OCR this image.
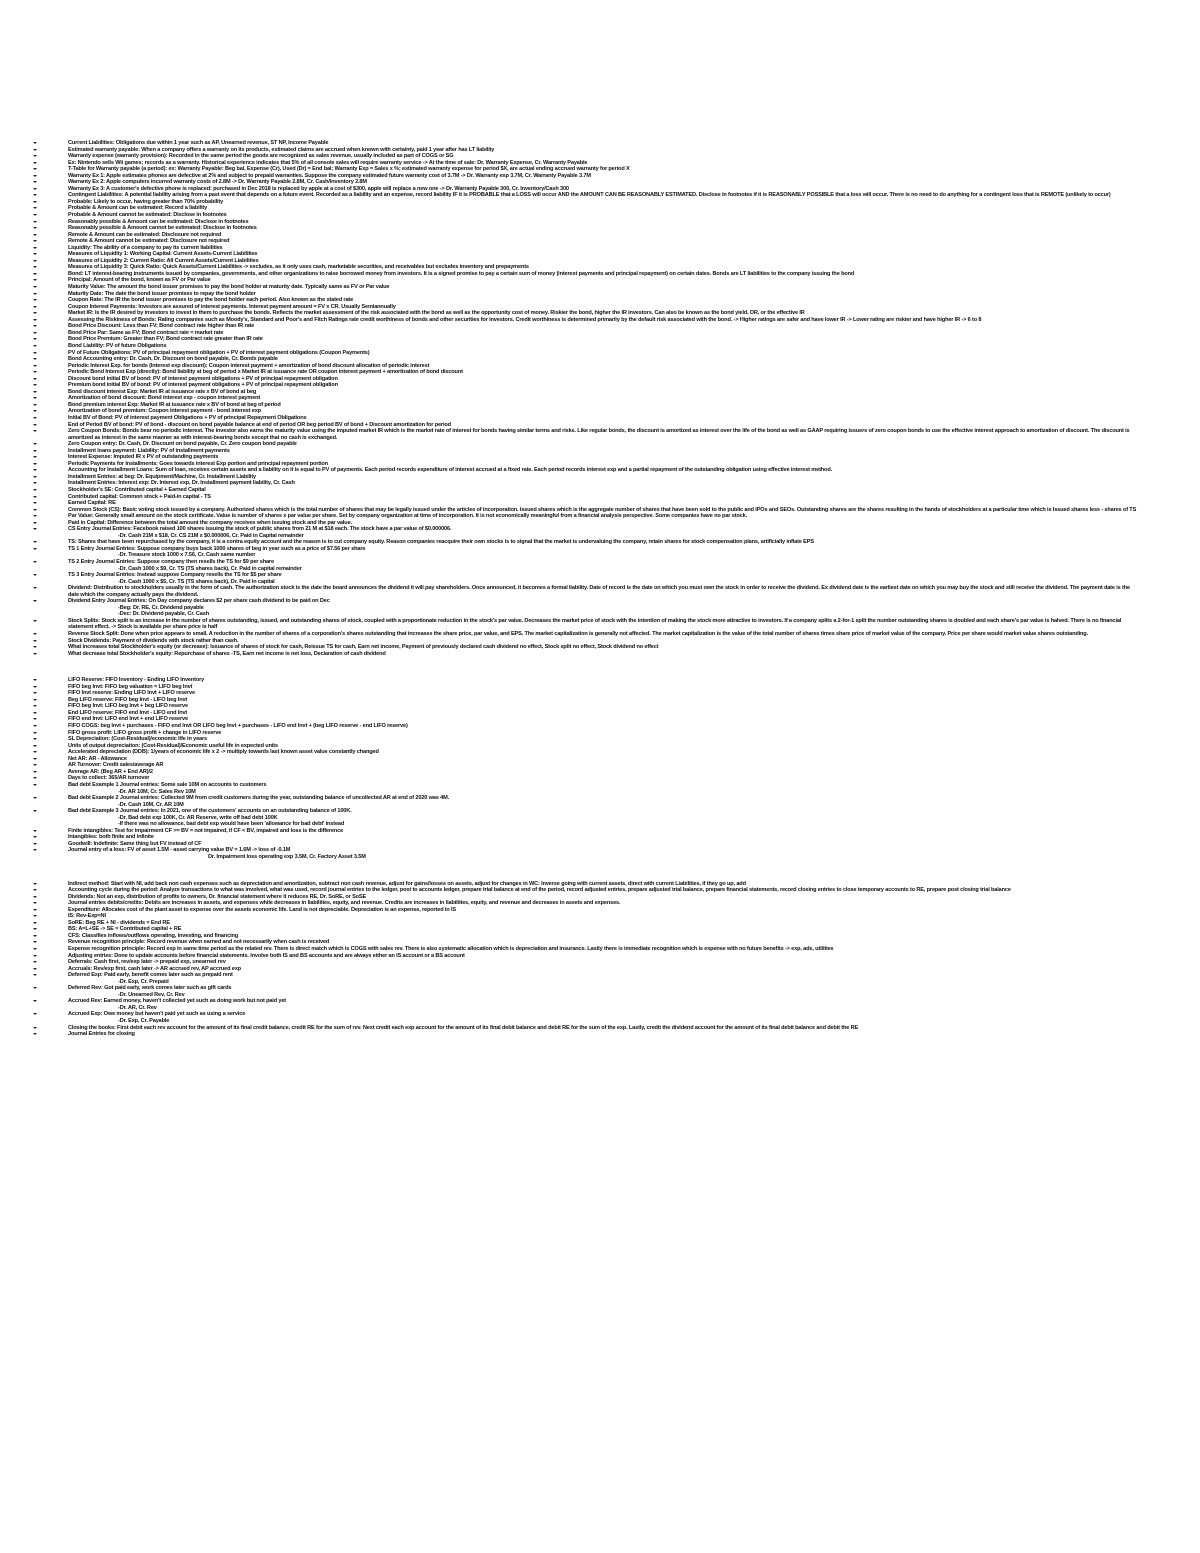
Current Liabilities: Obligations due within 1 year such as AP, Unearned revenue, ST NP, Income Payable
Estimated warranty payable: When a company offers a warranty on its products, estimated claims are accrued when known with certainty, paid 1 year after has LT liability
Warranty expense (warranty provision): Recorded in the same period the goods are recognized as sales revenue, usually included as part of COGS or SG
Ex: Nintendo sells Wii games; records as a warranty. Historical experience indicates that 5% of all console sales will require warranty service -> At the time of sale: Dr. Warranty Expense, Cr. Warranty Payable
T-Table for Warranty payable (a period): ex: Warranty Payable: Beg bal, Expense (Cr), Used (Dr) = End bal; Warranty Exp = Sales x %; estimated warranty expense for period $X, are actual ending accrued warranty for period X
Warranty Ex 1: Apple estimates phones are defective at 2% and subject to prepaid warranties. Suppose the company estimated future warranty cost of 3.7M -> Dr. Warranty exp 3.7M, Cr. Warranty Payable 3.7M
Warranty Ex 2: Apple computers incurred warranty costs of 2.8M -> Dr. Warranty Payable 2.8M, Cr. Cash/Inventory 2.8M
Warranty Ex 3: A customer's defective phone is replaced: purchased in Dec 2018 is replaced by apple at a cost of $300, apple will replace a new one -> Dr. Warranty Payable 300, Cr. Inventory/Cash 300
Contingent Liabilities: A potential liability arising from a past event that depends on a future event. Recorded as a liability and an expense, record liability IF it is PROBABLE that a LOSS will occur AND the AMOUNT CAN BE REASONABLY ESTIMATED. Disclose in footnotes if it is REASONABLY POSSIBLE that a loss will occur. There is no need to do anything for a contingent loss that is REMOTE (unlikely to occur)
Probable: Likely to occur, having greater than 70% probability
Probable & Amount can be estimated: Record a liability
Probable & Amount cannot be estimated: Disclose in footnotes
Reasonably possible & Amount can be estimated: Disclose in footnotes
Reasonably possible & Amount cannot be estimated: Disclose in footnotes
Remote & Amount can be estimated: Disclosure not required
Remote & Amount cannot be estimated: Disclosure not required
Liquidity: The ability of a company to pay its current liabilities
Measures of Liquidity 1: Working Capital: Current Assets-Current Liabilities
Measures of Liquidity 2: Current Ratio: All Current Assets/Current Liabilities
Measures of Liquidity 3: Quick Ratio: Quick Assets/Current Liabilities -> excludes, as it only uses cash, marketable securities, and receivables but excludes inventory and prepayments
Bond: LT interest-bearing instruments issued by companies, governments, and other organizations to raise borrowed money from investors. It is a signed promise to pay a certain sum of money (interest payments and principal repayment) on certain dates. Bonds are LT liabilities to the company issuing the bond
Principal: Amount of the bond, known as FV or Par value
Maturity Value: The amount the bond issuer promises to pay the bond holder at maturity date. Typically same as FV or Par value
Maturity Date: The date the bond issuer promises to repay the bond holder
Coupon Rate: The IR the bond issuer promises to pay the bond holder each period. Also known as the stated rate
Coupon Interest Payments: Investors are assured of interest payments. Interest payment amount = FV x CR. Usually Semiannually
Market IR: Is the IR desired by investors to invest in them to purchase the bonds. Reflects the market assessment of the risk associated with the bond as well as the opportunity cost of money. Riskier the bond, higher the IR investors. Can also be known as the bond yield, DR, or the effective IR
Assessing the Riskiness of Bonds: Rating companies such as Moody's, Standard and Poor's and Fitch Ratings rate credit worthiness of bonds and other securities for investors. Credit worthiness is determined primarily by the default risk associated with the bond. -> Higher ratings are safer and have lower IR -> Lower rating are riskier and have higher IR -> 6 to 8
Bond Price Discount: Less than FV; Bond contract rate higher than IR rate
Bond Price Par: Same as FV; Bond contract rate = market rate
Bond Price Premium: Greater than FV; Bond contract rate greater than IR rate
Bond Liability: PV of future Obligations
PV of Future Obligations: PV of principal repayment obligation + PV of interest payment obligations (Coupon Payments)
Bond Accounting entry: Dr. Cash, Dr. Discount on bond payable, Cr. Bonds payable
Periodic Interest Exp. for bonds (Interest exp discount): Coupon interest payment + amortization of bond discount allocation of periodic interest
Periodic Bond Interest Exp (directly): Bond liability at beg of period x Market IR at issuance rate OR coupon interest payment + amortization of bond discount
Discount bond initial BV of bond: PV of interest payment obligations + PV of principal repayment obligation
Premium bond initial BV of bond: PV of interest payment obligations + PV of principal repayment obligation
Bond discount interest Exp: Market IR at issuance rate x BV of bond at beg
Amortization of bond discount: Bond interest exp - coupon interest payment
Bond premium interest Exp: Market IR at issuance rate x BV of bond at beg of period
Amortization of bond premium: Coupon interest payment - bond interest exp
Initial BV of Bond: PV of interest payment Obligations + PV of principal Repayment Obligations
End of Period BV of bond: PV of bond - discount on bond payable balance at end of period OR beg period BV of bond + Discount amortization for period
Zero Coupon Bonds: Bonds bear no periodic interest. The investor also earns the maturity value using the imputed market IR which is the market rate of interest for bonds having similar terms and risks. Like regular bonds, the discount is amortized as interest over the life of the bond as well as GAAP requiring issuers of zero coupon bonds to use the effective interest approach to amortization of discount. The discount is amortized as interest in the same manner as with interest-bearing bonds except that no cash is exchanged.
Zero Coupon entry: Dr. Cash, Dr. Discount on bond payable, Cr. Zero coupon bond payable
Installment loans payment: Liability: PV of installment payments
Interest Expense: Imputed IR x PV of outstanding payments
Periodic Payments for Installments: Goes towards interest Exp portion and principal repayment portion
Accounting for Installment Loans: Sum of loan, receives certain assets and a liability on it is equal to PV of payments. Each period records expenditure of interest accrued at a fixed rate. Each period records interest exp and a partial repayment of the outstanding obligation using effective interest method.
Installment Entries: at beg: Dr. Equipment/Machine, Cr. Installment Liability
Installment Entries: Interest exp: Dr. Interest exp, Dr. Installment payment liability, Cr. Cash
Stockholder's SE: Contributed capital + Earned Capital
Contributed capital: Common stock + Paid-in capital - TS
Earned Capital: RE
Common Stock (CS): Basic voting stock issued by a company. Authorized shares which is the total number of shares that may be legally issued under the articles of incorporation. Issued shares which is the aggregate number of shares that have been sold to the public and IPOs and SEOs. Outstanding shares are the shares resulting in the hands of stockholders at a particular time which is Issued shares less - shares of TS
Par Value: Generally small amount on the stock certificate. Value is number of shares x par value per share. Set by company organization at time of incorporation. It is not economically meaningful from a financial analysis perspective. Some companies have no par stock.
Paid in Capital: Difference between the total amount the company receives when issuing stock and the par value.
CS Entry Journal Entries: Facebook raised 100 shares issuing the stock of public shares from 21 M at $18 each. The stock have a par value of $0.000006.
-Dr. Cash 21M x $18, Cr. CS 21M x $0.000006, Cr. Paid in Capital remainder
TS: Shares that have been repurchased by the company, it is a contra equity account and the reason is to cut company equity. Reason companies reacquire their own stocks is to signal that the market is undervaluing the company, retain shares for stock compensation plans, artificially inflate EPS
TS 1 Entry Journal Entries: Suppose company buys back 1000 shares of beg in year such as a price of $7.56 per share
-Dr. Treasure stock 1000 x 7.56, Cr. Cash same number
TS 2 Entry Journal Entries: Suppose company then resells the TS for $9 per share
-Dr. Cash 1000 x $9, Cr. TS (TS shares back), Cr. Paid in capital remainder
TS 3 Entry Journal Entries: Instead suppose Company resells the TS for $5 per share
-Dr. Cash 1000 x $5, Cr. TS (TS shares back), Dr. Paid in capital
Dividend: Distribution to stockholders usually in the form of cash. The authorization stock is the date the board announces the dividend it will pay shareholders. Once announced, it becomes a formal liability. Date of record is the date on which you must own the stock in order to receive the dividend. Ex dividend date is the earliest date on which you may buy the stock and still receive the dividend. The payment date is the date which the company actually pays the dividend.
Dividend Entry Journal Entries: On Day company declares $2 per share cash dividend to be paid on Dec
-Beg: Dr. RE, Cr. Dividend payable
-Dec: Dr. Dividend payable, Cr. Cash
Stock Splits: Stock split is an increase in the number of shares outstanding, issued, and outstanding shares of stock, coupled with a proportionate reduction in the stock's par value. Decreases the market price of stock with the intention of making the stock more attractive to investors. If a company splits a 2-for-1 split the number outstanding shares is doubled and each share's par value is halved. There is no financial statement effect. -> Stock is available per share price is half
Reverse Stock Split: Done when price appears to small. A reduction in the number of shares of a corporation's shares outstanding that increases the share price, par value, and EPS. The market capitalization is generally not affected. The market capitalization is the value of the total number of shares times share price of market value of the company. Price per share would market value shares outstanding.
Stock Dividends: Payment of dividends with stock rather than cash.
What increases total Stockholder's equity (or decrease): Issuance of shares of stock for cash, Reissue TS for cash, Earn net income, Payment of previously declared cash dividend no effect, Stock split no effect, Stock dividend no effect
What decrease total Stockholder's equity: Repurchase of shares -TS, Earn net income is net loss, Declaration of cash dividend
LIFO Reserve: FIFO Inventory - Ending LIFO Inventory
FIFO beg Invt: FIFO beg valuation = LIFO beg Invt
FIFO Invt reserve: Ending LIFO Invt + LIFO reserve
Beg LIFO reserve: FIFO beg Invt - LIFO beg Invt
FIFO beg Invt: LIFO beg Invt + beg LIFO reserve
End LIFO reserve: FIFO end Invt - LIFO end Invt
FIFO end Invt: LIFO end Invt + end LIFO reserve
FIFO COGS: beg Invt + purchases - FIFO end Invt OR LIFO beg Invt + purchases - LIFO end Invt + (beg LIFO reserve - end LIFO reserve)
FIFO gross profit: LIFO gross profit + change in LIFO reserve
SL Depreciation: (Cost-Residual)/economic life in years
Units of output depreciation: (Cost-Residual)/Economic useful life in expected units
Accelerated depreciation (DDB): 1/years of economic life x 2 -> multiply towards last known asset value constantly changed
Net AR: AR - Allowance
AR Turnover: Credit sales/average AR
Average AR: (Beg AR + End AR)/2
Days to collect: 365/AR turnover
Bad debt Example 1 Journal entries: Some sale 10M on accounts to customers
-Dr. AR 10M, Cr. Sales Rev 10M
Bad debt Example 2 Journal entries: Collected 9M from credit customers during the year, outstanding balance of uncollected AR at end of 2020 was 4M.
-Dr. Cash 10M, Cr. AR 10M
Bad debt Example 3 Journal entries: In 2021, one of the customers' accounts on an outstanding balance of 100K.
-Dr. Bad debt exp 100K, Cr. AR Reserve, write off bad debt 100K
-If there was no allowance, bad debt exp would have been 'allowance for bad debt' instead
Finite intangibles: Test for impairment CF >= BV = not impaired, if CF < BV, impaired and loss is the difference
Intangibles: both finite and infinite
Goodwill: Indefinite: Same thing but FV instead of CF
Journal entry of a loss: FV of asset 1.5M - asset carrying value BV = 1.6M -> loss of -0.1M
Dr. Impairment loss operating exp 3.5M, Cr. Factory Asset 3.5M
Indirect method: Start with NI, add back non cash expenses such as depreciation and amortization, subtract non cash revenue, adjust for gains/losses on assets, adjust for changes in WC: Inverse going with current assets, direct with current Liabilities, if they go up, add
Accounting cycle during the period: Analyze transactions to what was involved, what was used, record journal entries to the ledger, post to accounts ledger, prepare trial balance at end of the period, record adjusted entries, prepare adjusted trial balance, prepare financial statements, record closing entries to close temporary accounts to RE, prepare post closing trial balance
Dividends: Not an exp, distribution of profits to owners, Dr. financial statement where it reduces RE, Dr. SoRE, or SoSE
Journal entries debits/credits: Debits are increases in assets, and expenses while decreases in liabilities, equity, and revenue. Credits are increases in liabilities, equity, and revenue and decreases in assets and expenses.
Expenditure: Allocates cost of the plant asset to expense over the assets economic life. Land is not depreciable. Depreciation is an expense, reported in IS
IS: Rev-Exp=NI
SoRE: Beg RE + NI - dividends = End RE
BS: A=L+SE -> SE = Contributed capital + RE
CFS: Classifies inflows/outflows operating, investing, and financing
Revenue recognition principle: Record revenue when earned and not necessarily when cash is received
Expense recognition principle: Record exp in same time period as the related rev. There is direct match which is COGS with sales rev. There is also systematic allocation which is depreciation and insurance. Lastly there is immediate recognition which is expense with no future benefits -> exp, ads, utilities
Adjusting entries: Done to update accounts before financial statements. Involve both IS and BS accounts and are always either an IS account or a BS account
Deferrals: Cash first, rev/exp later -> prepaid exp, unearned rev
Accruals: Rev/exp first, cash later -> AR accrued rev, AP accrued exp
Deferred Exp: Paid early, benefit comes later such as prepaid rent
-Dr. Exp, Cr. Prepaid
Deferred Rev: Got paid early, work comes later such as gift cards
-Dr. Unearned Rev, Cr. Rev
Accrued Rev: Earned money, haven't collected yet such as doing work but not paid yet
-Dr. AR, Cr. Rev
Accrued Exp: Owe money but haven't paid yet such as using a service
-Dr. Exp, Cr. Payable
Closing the books: First debit each rev account for the amount of its final credit balance, credit RE for the sum of rev. Next credit each exp account for the amount of its final debit balance and debit RE for the sum of the exp. Lastly, credit the dividend account for the amount of its final debit balance and debit the RE
Journal Entries for closing
